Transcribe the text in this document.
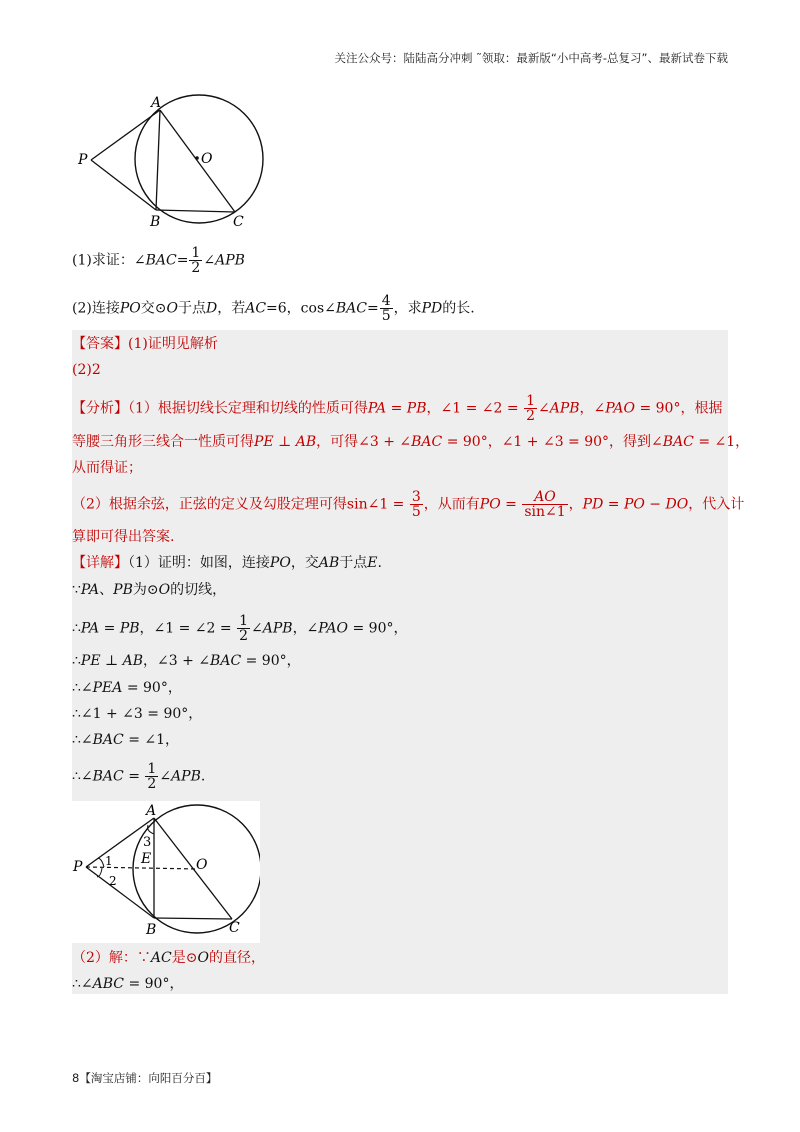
关注公众号：陆陆高分冲刺 ˜领取：最新版“小中高考-总复习”、最新试卷下载
A
O
P
B	C
(1)求证：∠BAC= $\frac{1}{2}$ ∠APB
(2)连接PO交⊙O于点D，若AC=6，cos∠BAC= $\frac{4}{5}$ ，求PD的长.
【答案】(1)证明见解析
(2)2
【分析】（1）根据切线长定理和切线的性质可得PA = PB，∠1 = ∠2 = $\frac{1}{2}$ ∠APB，∠PAO = 90°，根据
等腰三角形三线合一性质可得PE ⊥ AB，可得∠3 + ∠BAC = 90°，∠1 + ∠3 = 90°，得到∠BAC = ∠1，
从而得证；
（2）根据余弦，正弦的定义及勾股定理可得sin∠1 = $\frac{3}{5}$ ，从而有PO = $\frac{AO}{\sin\angle 1}$ ，PD = PO − DO，代入计
算即可得出答案.
【详解】（1）证明：如图，连接PO，交AB于点E.
∵PA、PB为⊙O的切线，
∴PA = PB，∠1 = ∠2 = $\frac{1}{2}$ ∠APB，∠PAO = 90°，
∴PE ⊥ AB，∠3 + ∠BAC = 90°，
∴∠PEA = 90°，
∴∠1 + ∠3 = 90°，
∴∠BAC = ∠1，
∴∠BAC = $\frac{1}{2}$ ∠APB.
A
3
E	O
P 1
2
B	C
（2）解：∵AC是⊙O的直径，
∴∠ABC = 90°，
8【淘宝店铺：向阳百分百】
